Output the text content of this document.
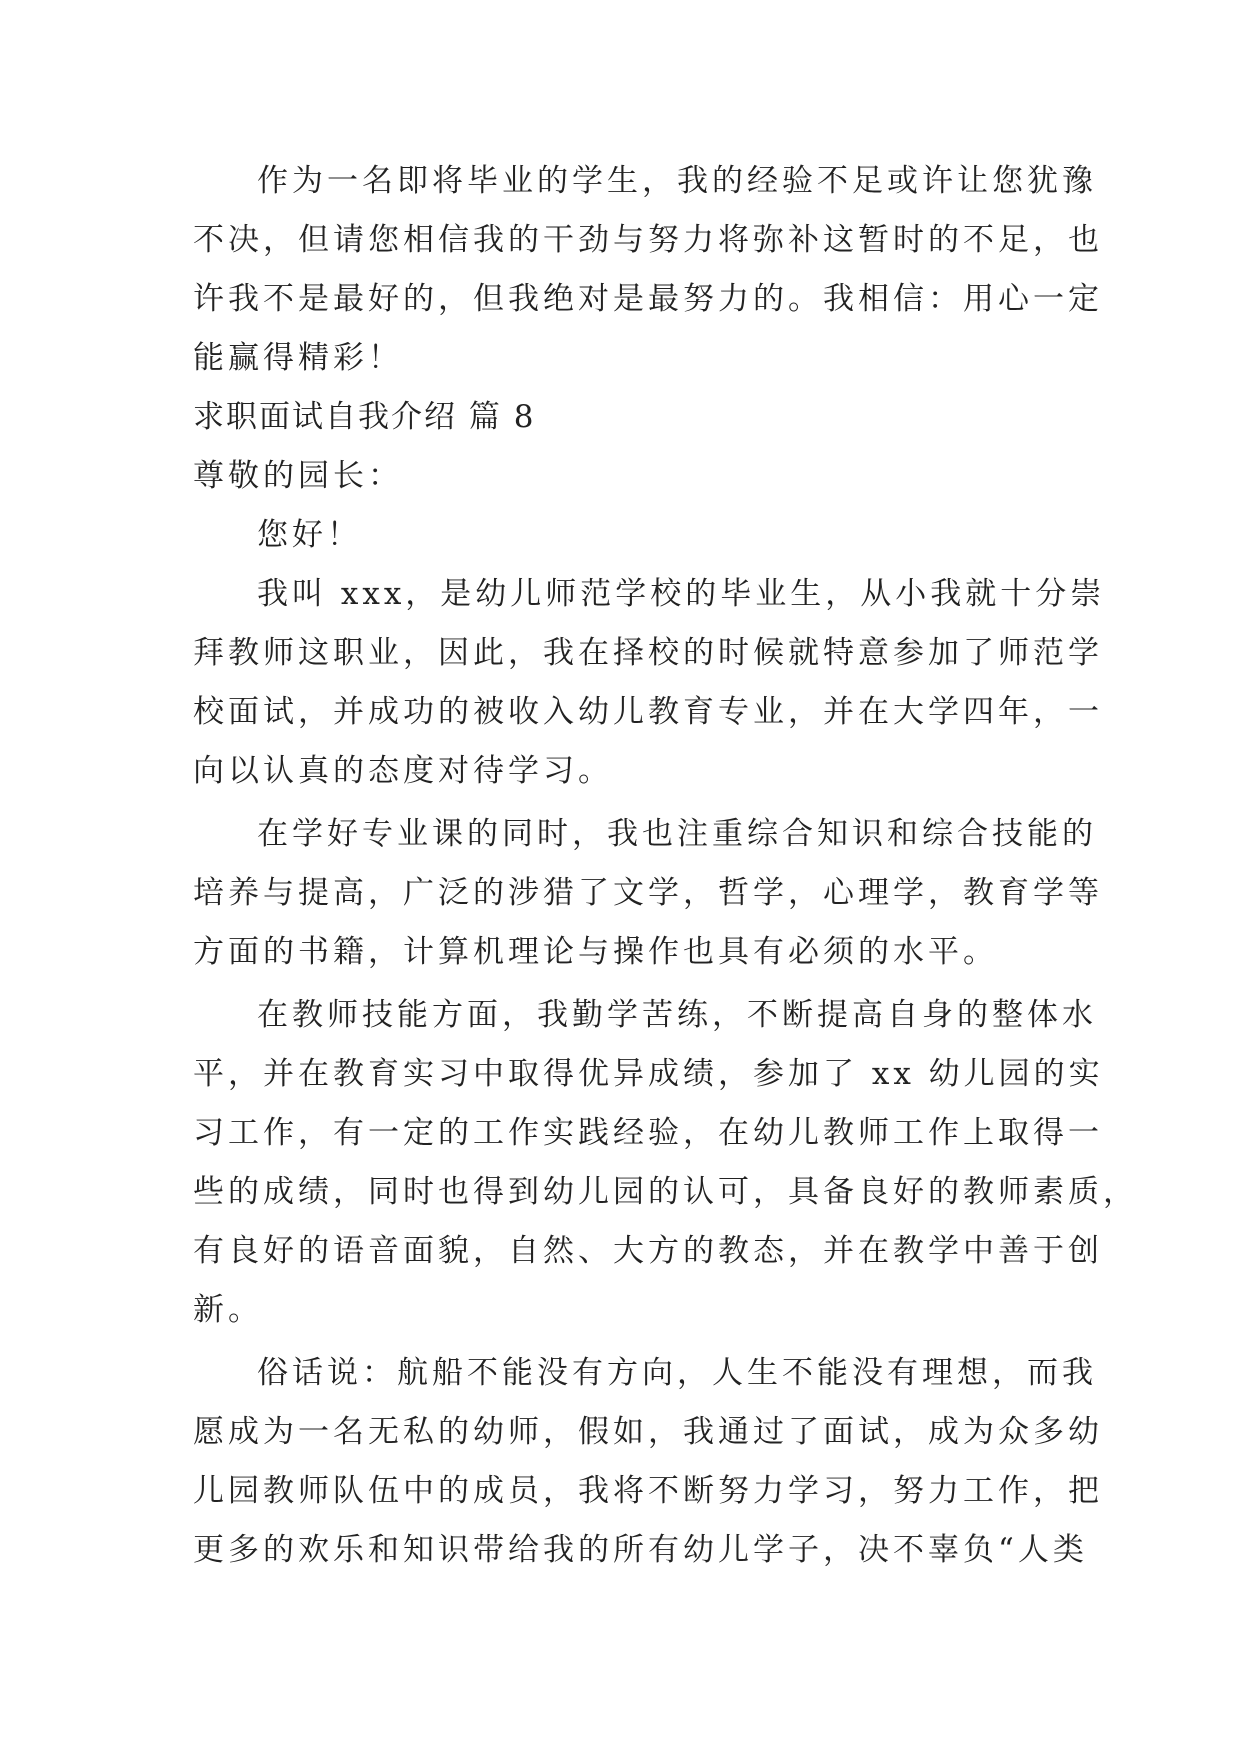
作为一名即将毕业的学生，我的经验不足或许让您犹豫
不决，但请您相信我的干劲与努力将弥补这暂时的不足，也
许我不是最好的，但我绝对是最努力的。我相信：用心一定
能赢得精彩！
求职面试自我介绍 篇 8
尊敬的园长：
您好！
我叫 xxx，是幼儿师范学校的毕业生，从小我就十分崇
拜教师这职业，因此，我在择校的时候就特意参加了师范学
校面试，并成功的被收入幼儿教育专业，并在大学四年，一
向以认真的态度对待学习。
在学好专业课的同时，我也注重综合知识和综合技能的
培养与提高，广泛的涉猎了文学，哲学，心理学，教育学等
方面的书籍，计算机理论与操作也具有必须的水平。
在教师技能方面，我勤学苦练，不断提高自身的整体水
平，并在教育实习中取得优异成绩，参加了 xx 幼儿园的实
习工作，有一定的工作实践经验，在幼儿教师工作上取得一
些的成绩，同时也得到幼儿园的认可，具备良好的教师素质，
有良好的语音面貌，自然、大方的教态，并在教学中善于创
新。
俗话说：航船不能没有方向，人生不能没有理想，而我
愿成为一名无私的幼师，假如，我通过了面试，成为众多幼
儿园教师队伍中的成员，我将不断努力学习，努力工作，把
更多的欢乐和知识带给我的所有幼儿学子，决不辜负“人类
